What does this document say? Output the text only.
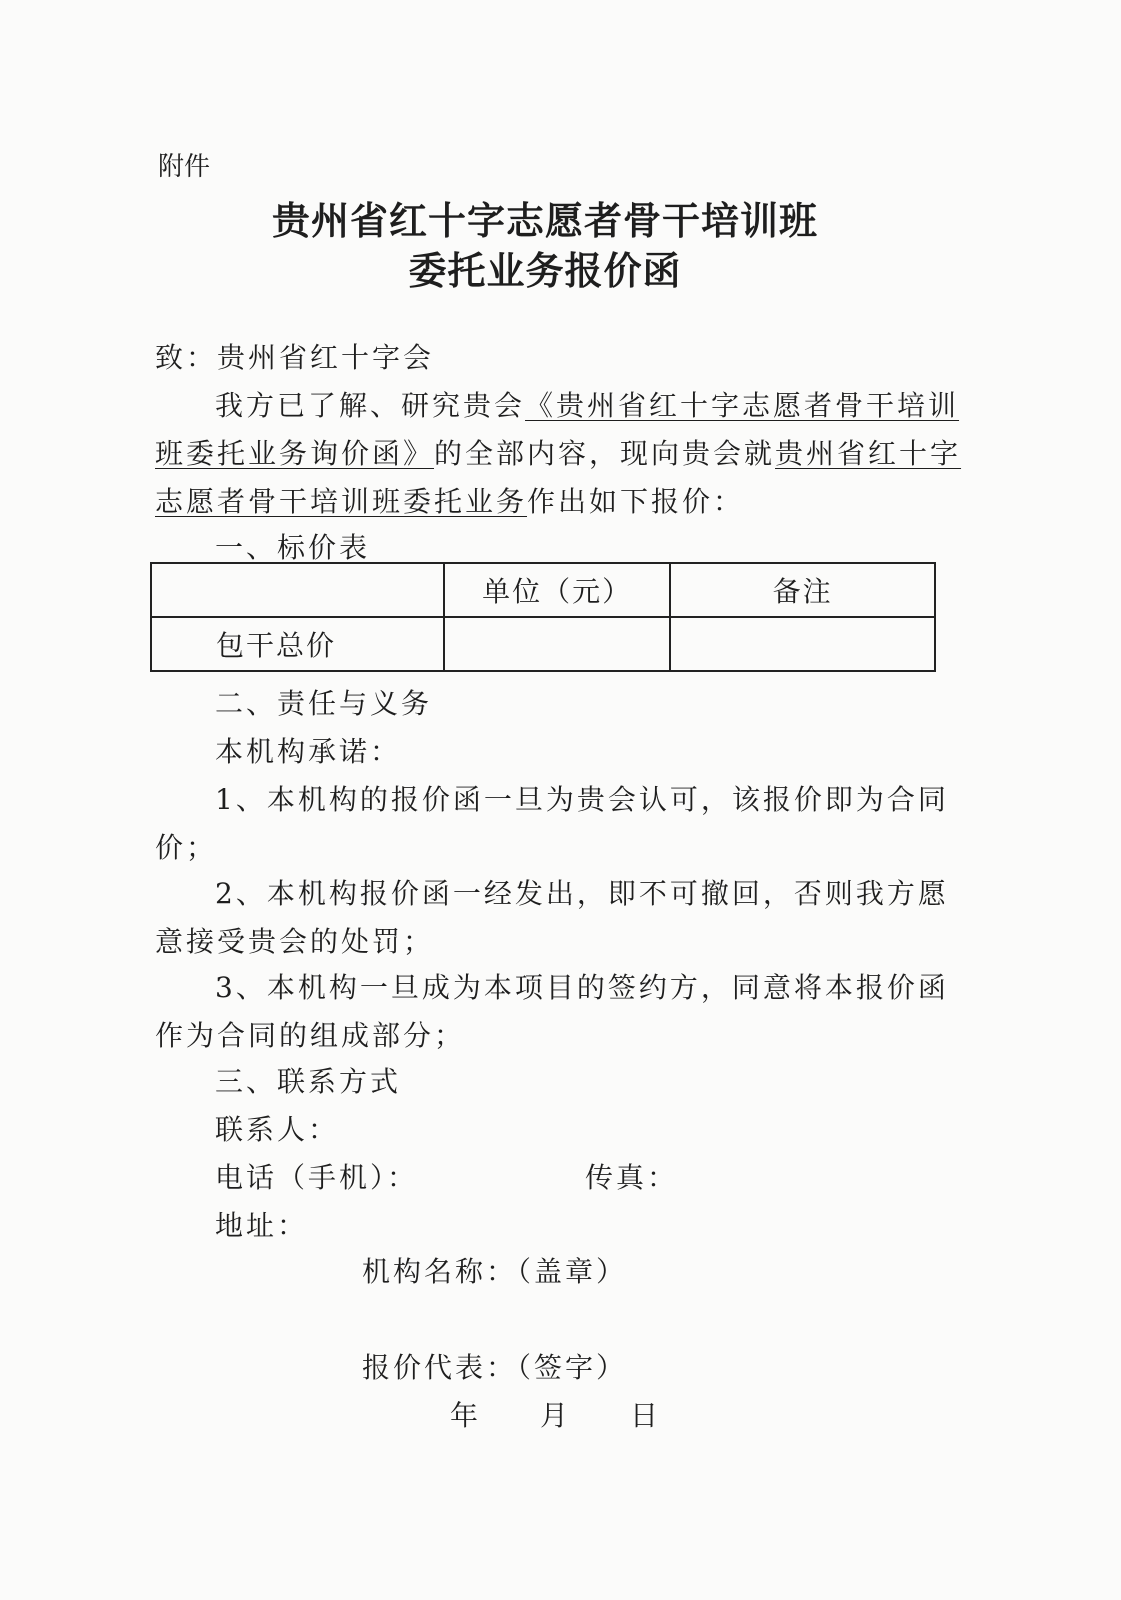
附件
贵州省红十字志愿者骨干培训班
委托业务报价函
致：贵州省红十字会
我方已了解、研究贵会《贵州省红十字志愿者骨干培训
班委托业务询价函》的全部内容，现向贵会就贵州省红十字
志愿者骨干培训班委托业务作出如下报价：
一、标价表
	单位（元）	备注
包干总价		
二、责任与义务
本机构承诺：
1、本机构的报价函一旦为贵会认可，该报价即为合同
价；
2、本机构报价函一经发出，即不可撤回，否则我方愿
意接受贵会的处罚；
3、本机构一旦成为本项目的签约方，同意将本报价函
作为合同的组成部分；
三、联系方式
联系人：
电话（手机）：	传真：
地址：
机构名称：（盖章）
报价代表：（签字）
年 月 日
